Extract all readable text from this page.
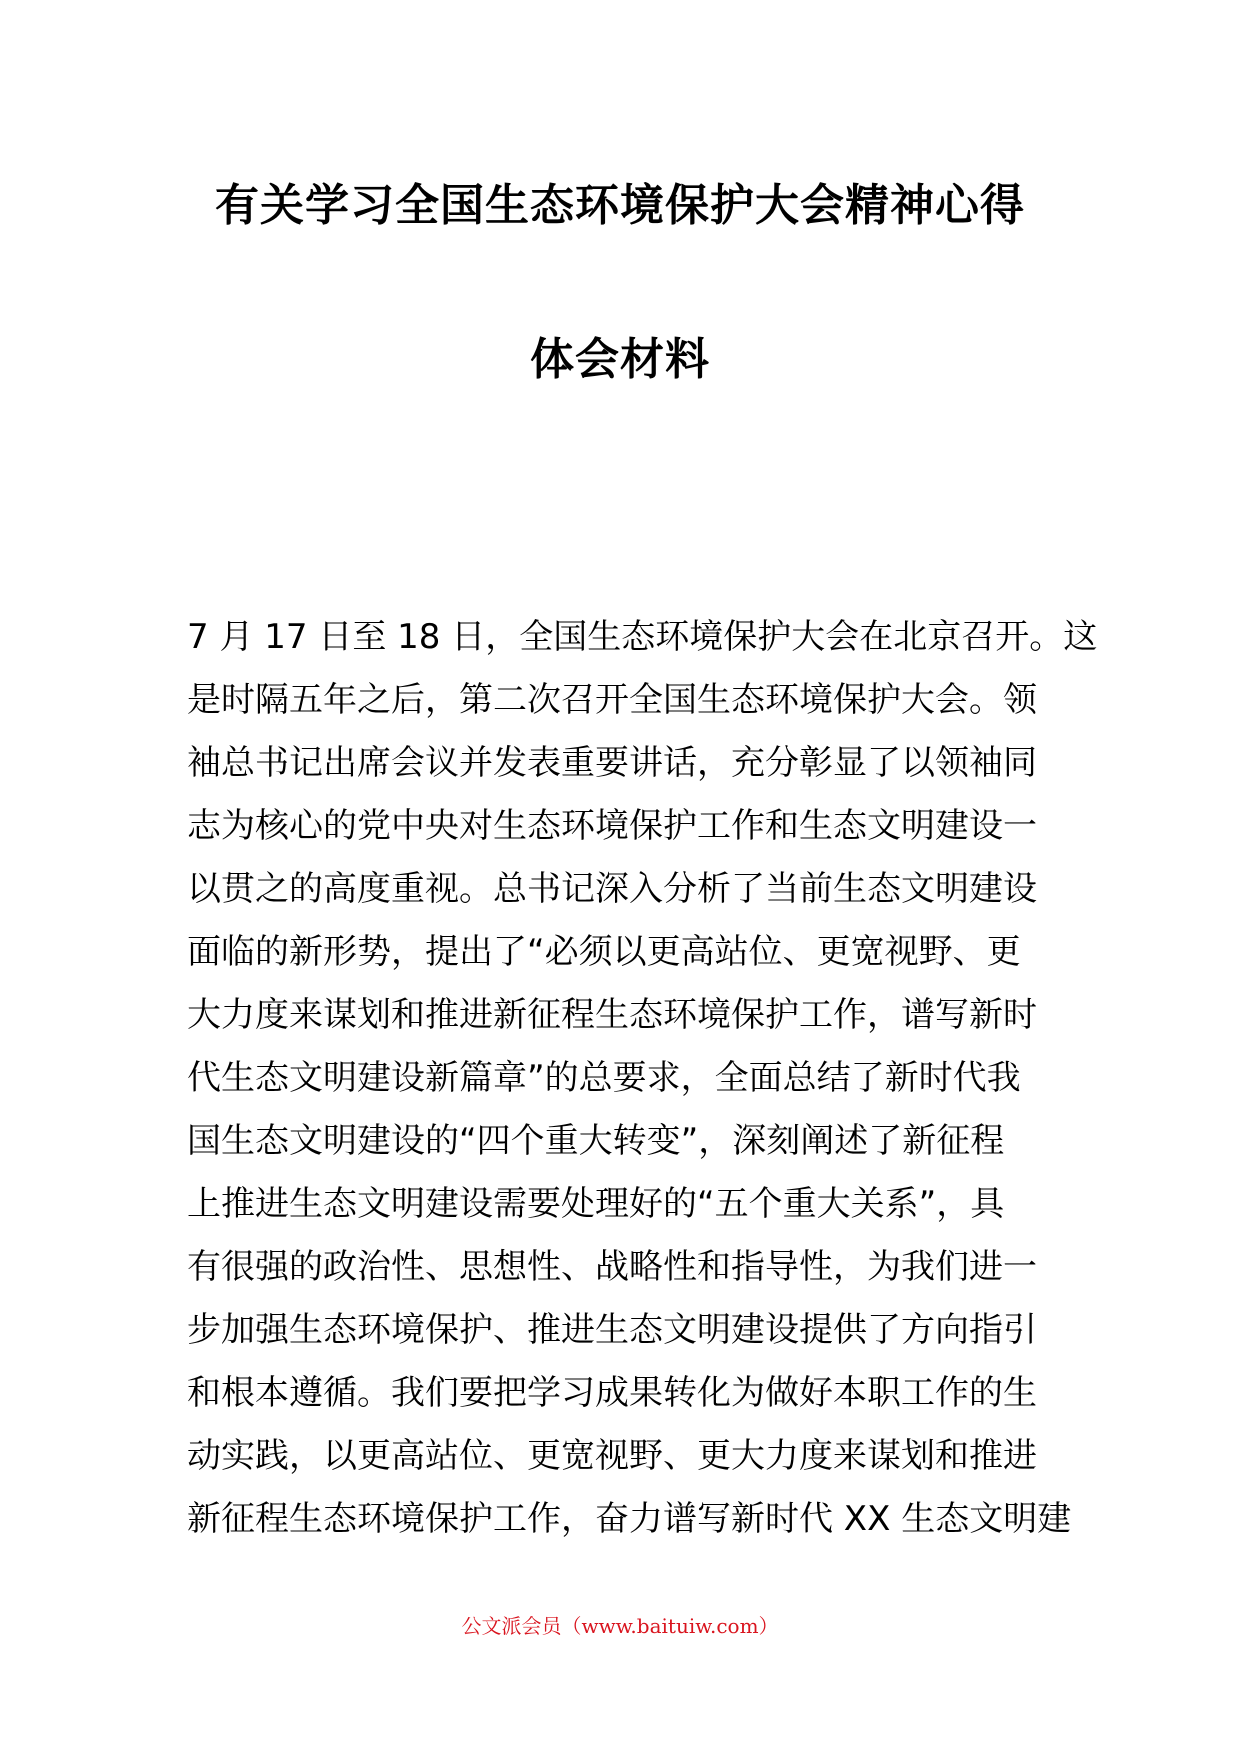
有关学习全国生态环境保护大会精神心得
体会材料

7 月 17 日至 18 日，全国生态环境保护大会在北京召开。这
是时隔五年之后，第二次召开全国生态环境保护大会。领
袖总书记出席会议并发表重要讲话，充分彰显了以领袖同
志为核心的党中央对生态环境保护工作和生态文明建设一
以贯之的高度重视。总书记深入分析了当前生态文明建设
面临的新形势，提出了“必须以更高站位、更宽视野、更
大力度来谋划和推进新征程生态环境保护工作，谱写新时
代生态文明建设新篇章”的总要求，全面总结了新时代我
国生态文明建设的“四个重大转变”，深刻阐述了新征程
上推进生态文明建设需要处理好的“五个重大关系”，具
有很强的政治性、思想性、战略性和指导性，为我们进一
步加强生态环境保护、推进生态文明建设提供了方向指引
和根本遵循。我们要把学习成果转化为做好本职工作的生
动实践，以更高站位、更宽视野、更大力度来谋划和推进
新征程生态环境保护工作，奋力谱写新时代 XX 生态文明建

公文派会员（www.baituiw.com）
